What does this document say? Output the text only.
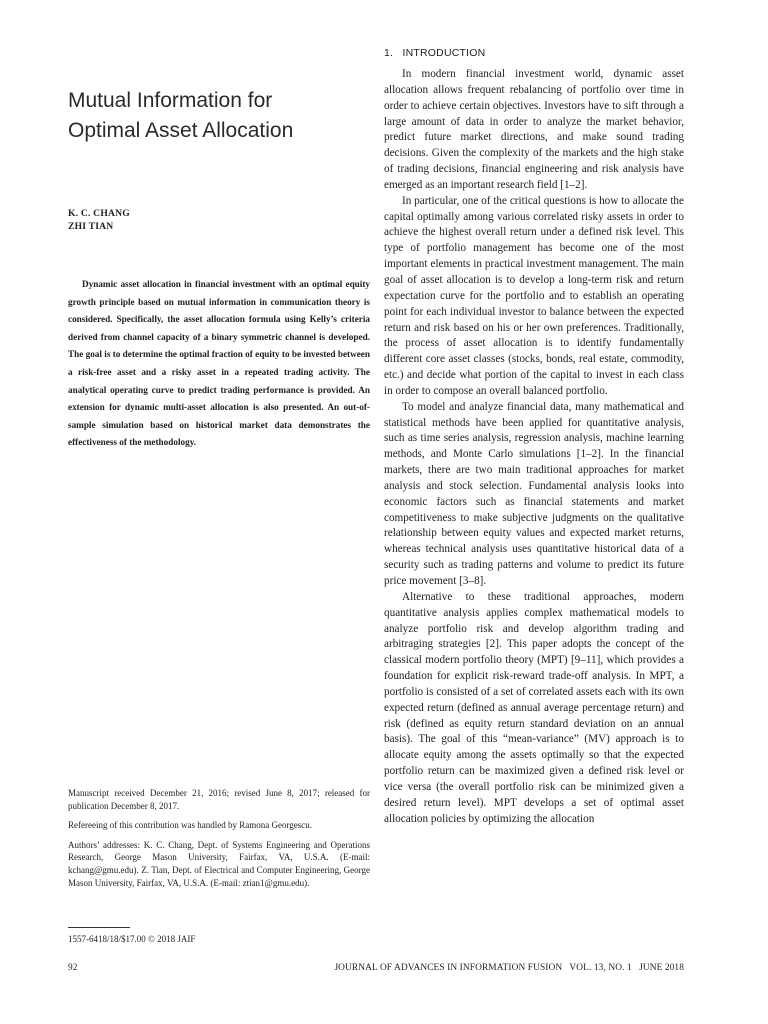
Mutual Information for
Optimal Asset Allocation
K. C. CHANG
ZHI TIAN

Dynamic asset allocation in financial investment with an optimal equity growth principle based on mutual information in communication theory is considered. Specifically, the asset allocation formula using Kelly’s criteria derived from channel capacity of a binary symmetric channel is developed. The goal is to determine the optimal fraction of equity to be invested between a risk-free asset and a risky asset in a repeated trading activity. The analytical operating curve to predict trading performance is provided. An extension for dynamic multi-asset allocation is also presented. An out-of-sample simulation based on historical market data demonstrates the effectiveness of the methodology.

Manuscript received December 21, 2016; revised June 8, 2017; released for publication December 8, 2017.

Refereeing of this contribution was handled by Ramona Georgescu.

Authors’ addresses: K. C. Chang, Dept. of Systems Engineering and Operations Research, George Mason University, Fairfax, VA, U.S.A. (E-mail: kchang@gmu.edu). Z. Tian, Dept. of Electrical and Computer Engineering, George Mason University, Fairfax, VA, U.S.A. (E-mail: ztian1@gmu.edu).

1557-6418/18/$17.00 © 2018 JAIF
1.   INTRODUCTION

In modern financial investment world, dynamic asset allocation allows frequent rebalancing of portfolio over time in order to achieve certain objectives. Investors have to sift through a large amount of data in order to analyze the market behavior, predict future market directions, and make sound trading decisions. Given the complexity of the markets and the high stake of trading decisions, financial engineering and risk analysis have emerged as an important research field [1–2].

In particular, one of the critical questions is how to allocate the capital optimally among various correlated risky assets in order to achieve the highest overall return under a defined risk level. This type of portfolio management has become one of the most important elements in practical investment management. The main goal of asset allocation is to develop a long-term risk and return expectation curve for the portfolio and to establish an operating point for each individual investor to balance between the expected return and risk based on his or her own preferences. Traditionally, the process of asset allocation is to identify fundamentally different core asset classes (stocks, bonds, real estate, commodity, etc.) and decide what portion of the capital to invest in each class in order to compose an overall balanced portfolio.

To model and analyze financial data, many mathematical and statistical methods have been applied for quantitative analysis, such as time series analysis, regression analysis, machine learning methods, and Monte Carlo simulations [1–2]. In the financial markets, there are two main traditional approaches for market analysis and stock selection. Fundamental analysis looks into economic factors such as financial statements and market competitiveness to make subjective judgments on the qualitative relationship between equity values and expected market returns, whereas technical analysis uses quantitative historical data of a security such as trading patterns and volume to predict its future price movement [3–8].

Alternative to these traditional approaches, modern quantitative analysis applies complex mathematical models to analyze portfolio risk and develop algorithm trading and arbitraging strategies [2]. This paper adopts the concept of the classical modern portfolio theory (MPT) [9–11], which provides a foundation for explicit risk-reward trade-off analysis. In MPT, a portfolio is consisted of a set of correlated assets each with its own expected return (defined as annual average percentage return) and risk (defined as equity return standard deviation on an annual basis). The goal of this “mean-variance” (MV) approach is to allocate equity among the assets optimally so that the expected portfolio return can be maximized given a defined risk level or vice versa (the overall portfolio risk can be minimized given a desired return level). MPT develops a set of optimal asset allocation policies by optimizing the allocation

92	JOURNAL OF ADVANCES IN INFORMATION FUSION   VOL. 13, NO. 1   JUNE 2018
